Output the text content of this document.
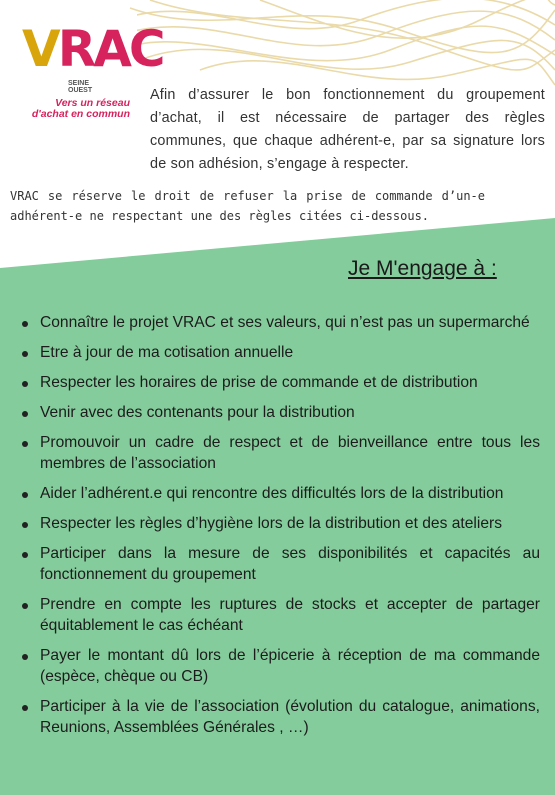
VRAC
SEINE
OUEST
Vers un réseau
d'achat en commun
Afin d’assurer le bon fonctionnement du groupement d’achat, il est nécessaire de partager des règles communes, que chaque adhérent-e, par sa signature lors de son adhésion, s’engage à respecter.
VRAC se réserve le droit de refuser la prise de commande d’un-e adhérent-e ne respectant une des règles citées ci-dessous.
Je M'engage à :
Connaître le projet VRAC et ses valeurs, qui n’est pas un supermarché
Etre à jour de ma cotisation annuelle
Respecter les horaires de prise de commande et de distribution
Venir avec des contenants pour la distribution
Promouvoir un cadre de respect et de bienveillance entre tous les membres de l’association
Aider l’adhérent.e qui rencontre des difficultés lors de la distribution
Respecter les règles d’hygiène lors de la distribution et des ateliers
Participer dans la mesure de ses disponibilités et capacités au fonctionnement du groupement
Prendre en compte les ruptures de stocks et accepter de partager équitablement le cas échéant
Payer le montant dû lors de l’épicerie à réception de ma commande (espèce, chèque ou CB)
Participer à la vie de l’association (évolution du catalogue, animations, Reunions, Assemblées Générales , …)
